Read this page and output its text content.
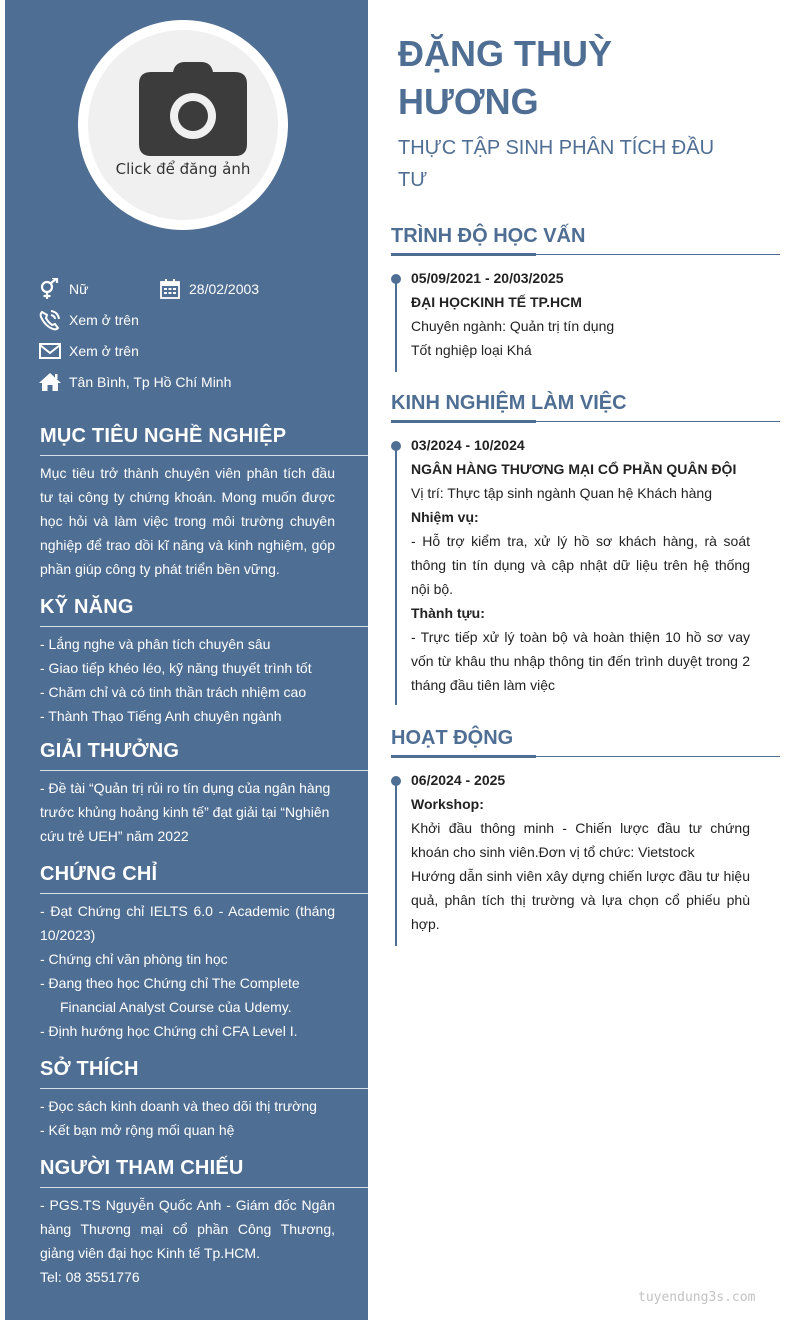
Click để đăng ảnh
Nữ	28/02/2003
Xem ở trên
Xem ở trên
Tân Bình, Tp Hồ Chí Minh
MỤC TIÊU NGHỀ NGHIỆP
Mục tiêu trở thành chuyên viên phân tích đầu tư tại công ty chứng khoán. Mong muốn được học hỏi và làm việc trong môi trường chuyên nghiệp để trao dồi kĩ năng và kinh nghiệm, góp phần giúp công ty phát triển bền vững.
KỸ NĂNG
- Lắng nghe và phân tích chuyên sâu
- Giao tiếp khéo léo, kỹ năng thuyết trình tốt
- Chăm chỉ và có tinh thần trách nhiệm cao
- Thành Thạo Tiếng Anh chuyên ngành
GIẢI THƯỞNG
- Đề tài “Quản trị rủi ro tín dụng của ngân hàng trước khủng hoảng kinh tế” đạt giải tại “Nghiên cứu trẻ UEH” năm 2022
CHỨNG CHỈ
- Đạt Chứng chỉ IELTS 6.0 - Academic (tháng 10/2023)
- Chứng chỉ văn phòng tin học
- Đang theo học Chứng chỉ The Complete
Financial Analyst Course của Udemy.
- Định hướng học Chứng chỉ CFA Level I.
SỞ THÍCH
- Đọc sách kinh doanh và theo dõi thị trường
- Kết bạn mở rộng mối quan hệ
NGƯỜI THAM CHIẾU
- PGS.TS Nguyễn Quốc Anh - Giám đốc Ngân hàng Thương mại cổ phần Công Thương, giảng viên đại học Kinh tế Tp.HCM.
Tel: 08 3551776
ĐẶNG THUỲ
HƯƠNG
THỰC TẬP SINH PHÂN TÍCH ĐẦU
TƯ
TRÌNH ĐỘ HỌC VẤN
05/09/2021 - 20/03/2025
ĐẠI HỌCKINH TẾ TP.HCM
Chuyên ngành: Quản trị tín dụng
Tốt nghiệp loại Khá
KINH NGHIỆM LÀM VIỆC
03/2024 - 10/2024
NGÂN HÀNG THƯƠNG MẠI CỔ PHẦN QUÂN ĐỘI
Vị trí: Thực tập sinh ngành Quan hệ Khách hàng
Nhiệm vụ:
- Hỗ trợ kiểm tra, xử lý hồ sơ khách hàng, rà soát thông tin tín dụng và cập nhật dữ liệu trên hệ thống nội bộ.
Thành tựu:
- Trực tiếp xử lý toàn bộ và hoàn thiện 10 hồ sơ vay vốn từ khâu thu nhập thông tin đến trình duyệt trong 2 tháng đầu tiên làm việc
HOẠT ĐỘNG
06/2024 - 2025
Workshop:
Khởi đầu thông minh - Chiến lược đầu tư chứng khoán cho sinh viên.Đơn vị tổ chức: Vietstock
Hướng dẫn sinh viên xây dựng chiến lược đầu tư hiệu quả, phân tích thị trường và lựa chọn cổ phiếu phù hợp.
tuyendung3s.com
